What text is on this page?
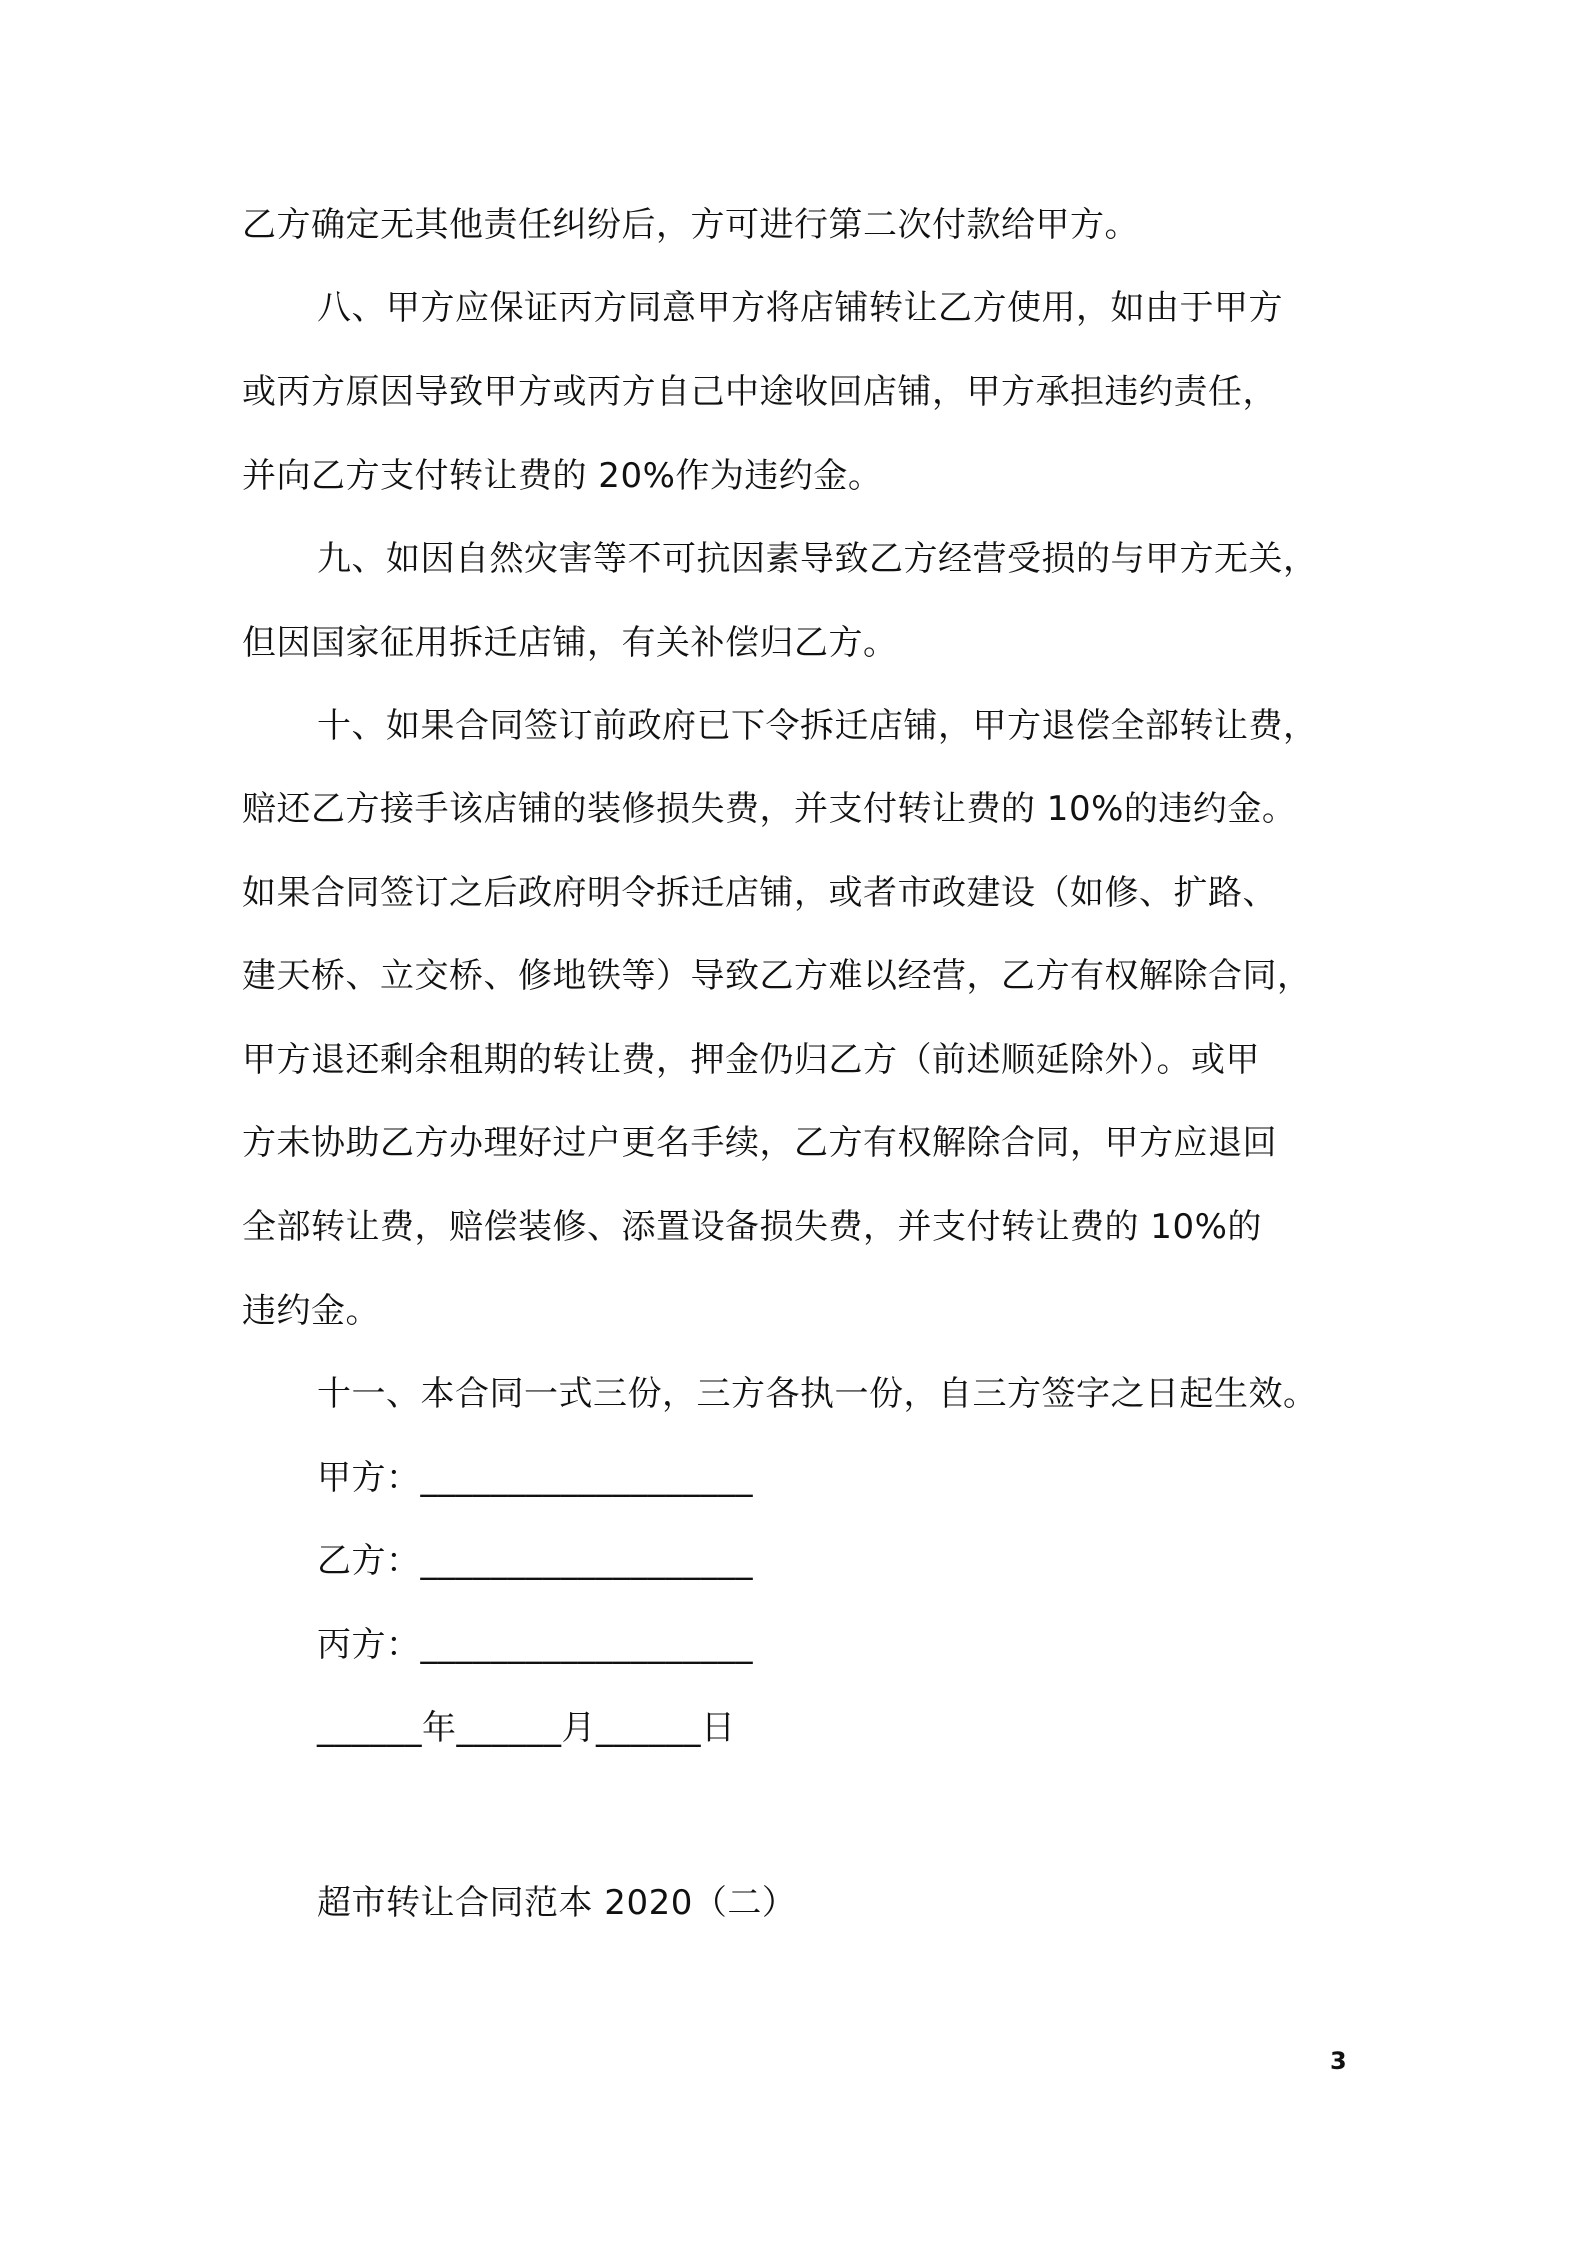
乙方确定无其他责任纠纷后，方可进行第二次付款给甲方。
八、甲方应保证丙方同意甲方将店铺转让乙方使用，如由于甲方
或丙方原因导致甲方或丙方自己中途收回店铺，甲方承担违约责任，
并向乙方支付转让费的 20%作为违约金。
九、如因自然灾害等不可抗因素导致乙方经营受损的与甲方无关，
但因国家征用拆迁店铺，有关补偿归乙方。
十、如果合同签订前政府已下令拆迁店铺，甲方退偿全部转让费，
赔还乙方接手该店铺的装修损失费，并支付转让费的 10%的违约金。
如果合同签订之后政府明令拆迁店铺，或者市政建设（如修、扩路、
建天桥、立交桥、修地铁等）导致乙方难以经营，乙方有权解除合同，
甲方退还剩余租期的转让费，押金仍归乙方（前述顺延除外）。或甲
方未协助乙方办理好过户更名手续，乙方有权解除合同，甲方应退回
全部转让费，赔偿装修、添置设备损失费，并支付转让费的 10%的
违约金。
十一、本合同一式三份，三方各执一份，自三方签字之日起生效。
甲方：___________________
乙方：___________________
丙方：___________________
______年______月______日
超市转让合同范本 2020（二）
3
